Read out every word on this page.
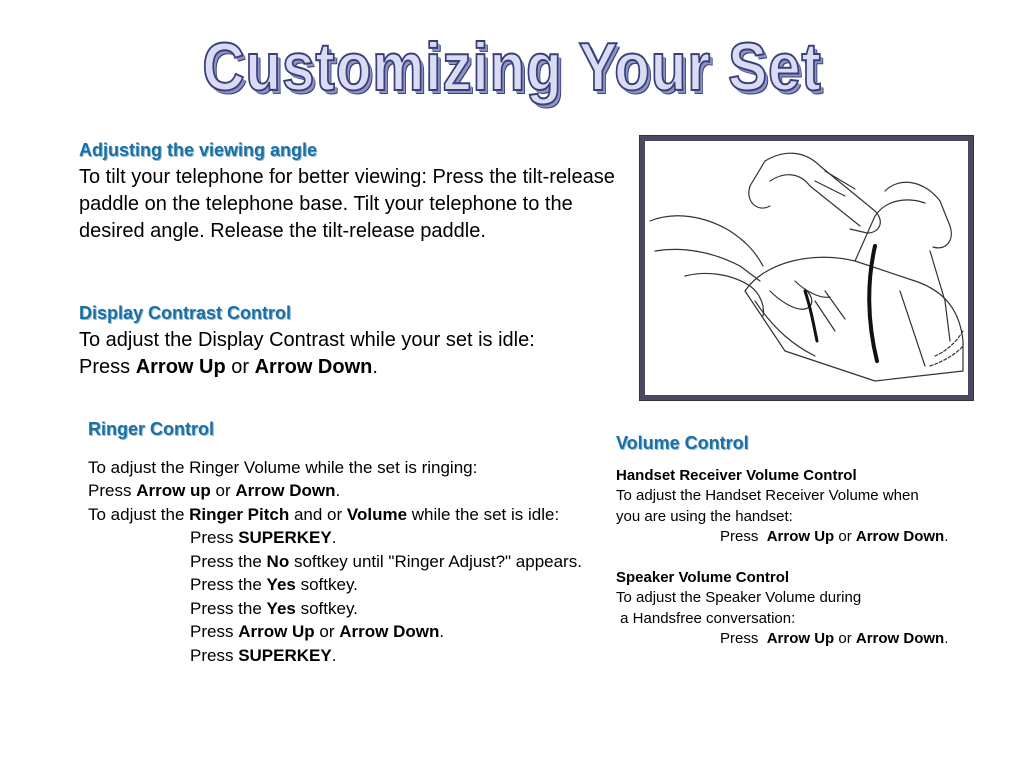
Customizing Your Set
Adjusting the viewing angle
To tilt your telephone for better viewing: Press the tilt-release paddle on the telephone base. Tilt your telephone to the desired angle. Release the tilt-release paddle.
Display Contrast Control
To adjust the Display Contrast while your set is idle:
Press Arrow Up or Arrow Down.
Ringer Control
To adjust the Ringer Volume while the set is ringing:
Press Arrow up or Arrow Down.
To adjust the Ringer Pitch and or Volume while the set is idle:
Press SUPERKEY.
Press the No softkey until "Ringer Adjust?" appears.
Press the Yes softkey.
Press the Yes softkey.
Press Arrow Up or Arrow Down.
Press SUPERKEY.
Volume Control
Handset Receiver Volume Control
To adjust the Handset Receiver Volume when
you are using the handset:
Press  Arrow Up or Arrow Down.
Speaker Volume Control
To adjust the Speaker Volume during
a Handsfree conversation:
Press  Arrow Up or Arrow Down.
